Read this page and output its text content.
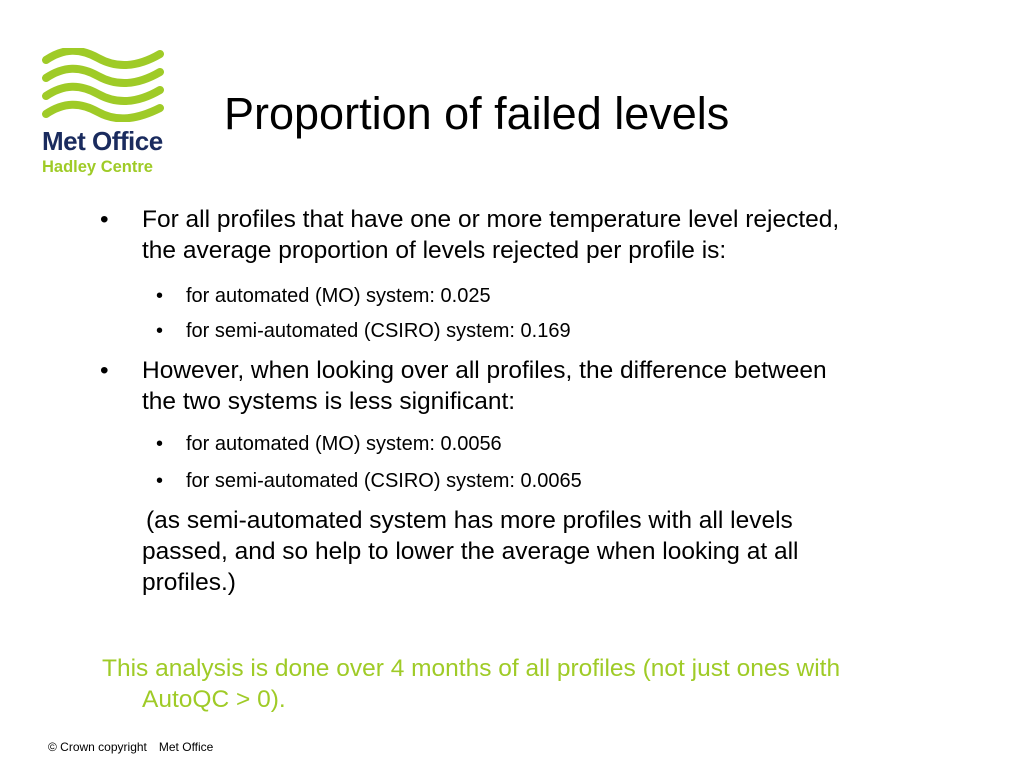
Met Office
Hadley Centre
Proportion of failed levels
•	For all profiles that have one or more temperature level rejected,
the average proportion of levels rejected per profile is:
•	for automated (MO) system: 0.025
•	for semi-automated (CSIRO) system: 0.169
•	However, when looking over all profiles, the difference between
the two systems is less significant:
•	for automated (MO) system: 0.0056
•	for semi-automated (CSIRO) system: 0.0065
(as semi-automated system has more profiles with all levels
passed, and so help to lower the average when looking at all
profiles.)
This analysis is done over 4 months of all profiles (not just ones with
AutoQC > 0).
© Crown copyright Met Office
